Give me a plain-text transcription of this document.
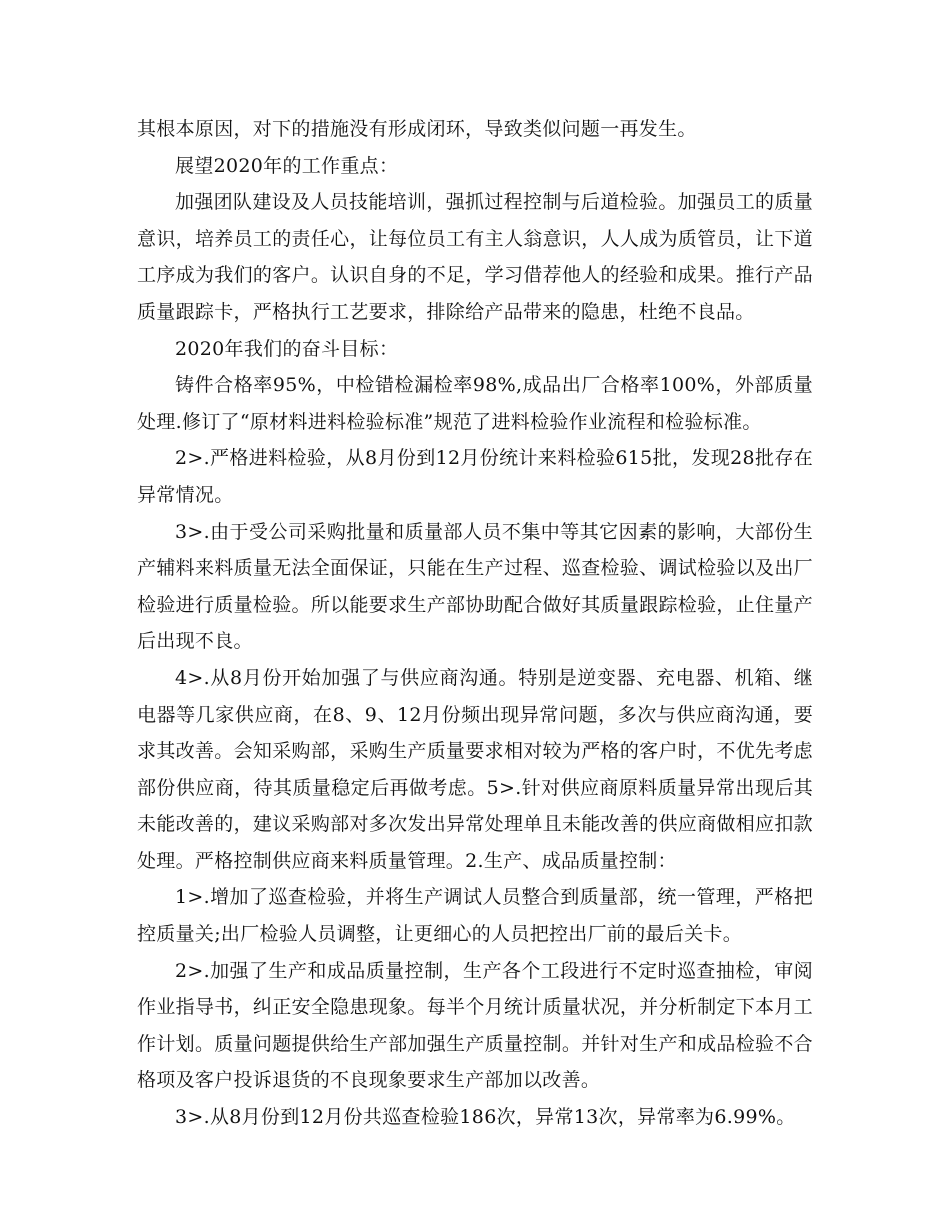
其根本原因，对下的措施没有形成闭环，导致类似问题一再发生。

展望2020年的工作重点：

加强团队建设及人员技能培训，强抓过程控制与后道检验。加强员工的质量意识，培养员工的责任心，让每位员工有主人翁意识，人人成为质管员，让下道工序成为我们的客户。认识自身的不足，学习借荐他人的经验和成果。推行产品质量跟踪卡，严格执行工艺要求，排除给产品带来的隐患，杜绝不良品。

2020年我们的奋斗目标：

铸件合格率95%，中检错检漏检率98%,成品出厂合格率100%，外部质量处理.修订了“原材料进料检验标准”规范了进料检验作业流程和检验标准。

2>.严格进料检验，从8月份到12月份统计来料检验615批，发现28批存在异常情况。

3>.由于受公司采购批量和质量部人员不集中等其它因素的影响，大部份生产辅料来料质量无法全面保证，只能在生产过程、巡查检验、调试检验以及出厂检验进行质量检验。所以能要求生产部协助配合做好其质量跟踪检验，止住量产后出现不良。

4>.从8月份开始加强了与供应商沟通。特别是逆变器、充电器、机箱、继电器等几家供应商，在8、9、12月份频出现异常问题，多次与供应商沟通，要求其改善。会知采购部，采购生产质量要求相对较为严格的客户时，不优先考虑部份供应商，待其质量稳定后再做考虑。5>.针对供应商原料质量异常出现后其未能改善的，建议采购部对多次发出异常处理单且未能改善的供应商做相应扣款处理。严格控制供应商来料质量管理。2.生产、成品质量控制：

1>.增加了巡查检验，并将生产调试人员整合到质量部，统一管理，严格把控质量关;出厂检验人员调整，让更细心的人员把控出厂前的最后关卡。

2>.加强了生产和成品质量控制，生产各个工段进行不定时巡查抽检，审阅作业指导书，纠正安全隐患现象。每半个月统计质量状况，并分析制定下本月工作计划。质量问题提供给生产部加强生产质量控制。并针对生产和成品检验不合格项及客户投诉退货的不良现象要求生产部加以改善。

3>.从8月份到12月份共巡查检验186次，异常13次，异常率为6.99%。
